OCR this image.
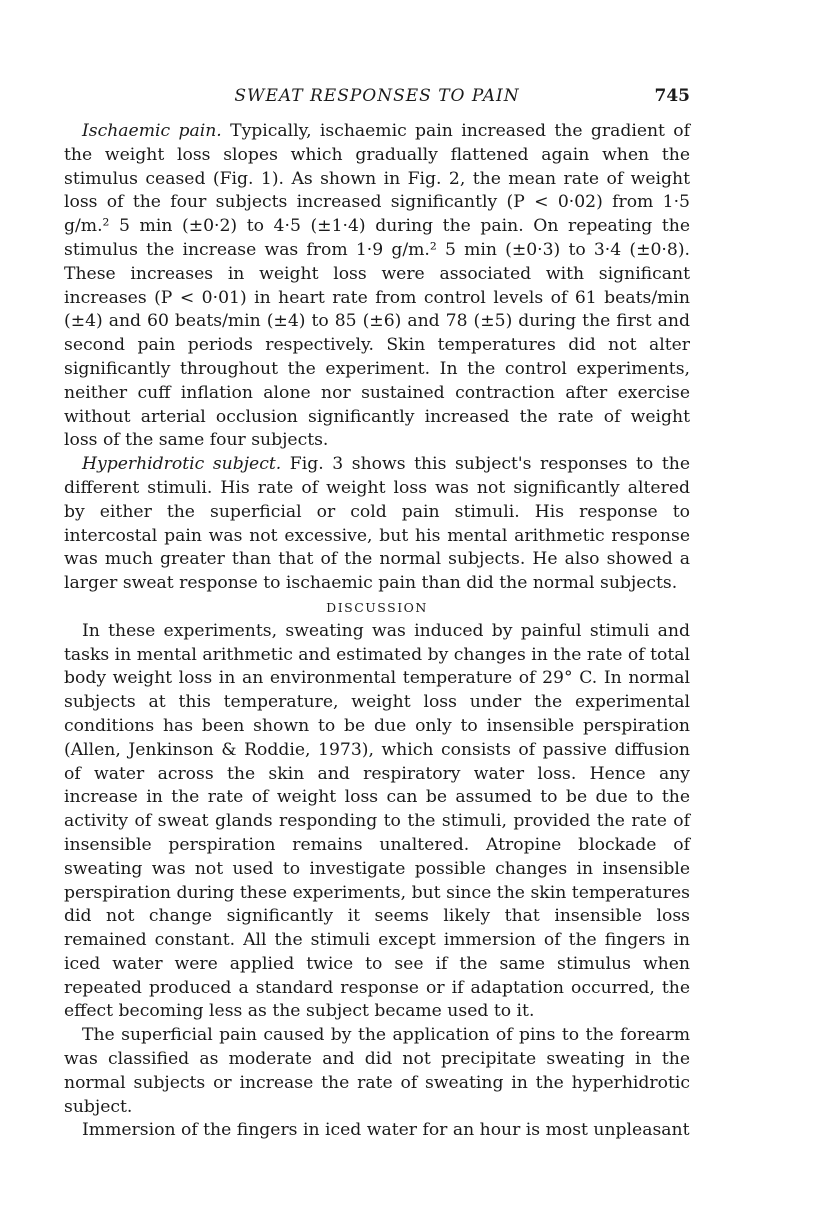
SWEAT RESPONSES TO PAIN	745

Ischaemic pain. Typically, ischaemic pain increased the gradient of the weight loss slopes which gradually flattened again when the stimulus ceased (Fig. 1). As shown in Fig. 2, the mean rate of weight loss of the four subjects increased significantly (P < 0·02) from 1·5 g/m.² 5 min (±0·2) to 4·5 (±1·4) during the pain. On repeating the stimulus the increase was from 1·9 g/m.² 5 min (±0·3) to 3·4 (±0·8). These increases in weight loss were associated with significant increases (P < 0·01) in heart rate from control levels of 61 beats/min (±4) and 60 beats/min (±4) to 85 (±6) and 78 (±5) during the first and second pain periods respectively. Skin temperatures did not alter significantly throughout the experiment. In the control experiments, neither cuff inflation alone nor sustained contraction after exercise without arterial occlusion significantly increased the rate of weight loss of the same four subjects.

Hyperhidrotic subject. Fig. 3 shows this subject's responses to the different stimuli. His rate of weight loss was not significantly altered by either the superficial or cold pain stimuli. His response to intercostal pain was not excessive, but his mental arithmetic response was much greater than that of the normal subjects. He also showed a larger sweat response to ischaemic pain than did the normal subjects.

DISCUSSION

In these experiments, sweating was induced by painful stimuli and tasks in mental arithmetic and estimated by changes in the rate of total body weight loss in an environmental temperature of 29° C. In normal subjects at this temperature, weight loss under the experimental conditions has been shown to be due only to insensible perspiration (Allen, Jenkinson & Roddie, 1973), which consists of passive diffusion of water across the skin and respiratory water loss. Hence any increase in the rate of weight loss can be assumed to be due to the activity of sweat glands responding to the stimuli, provided the rate of insensible perspiration remains unaltered. Atropine blockade of sweating was not used to investigate possible changes in insensible perspiration during these experiments, but since the skin temperatures did not change significantly it seems likely that insensible loss remained constant. All the stimuli except immersion of the fingers in iced water were applied twice to see if the same stimulus when repeated produced a standard response or if adaptation occurred, the effect becoming less as the subject became used to it.

The superficial pain caused by the application of pins to the forearm was classified as moderate and did not precipitate sweating in the normal subjects or increase the rate of sweating in the hyperhidrotic subject.

Immersion of the fingers in iced water for an hour is most unpleasant
